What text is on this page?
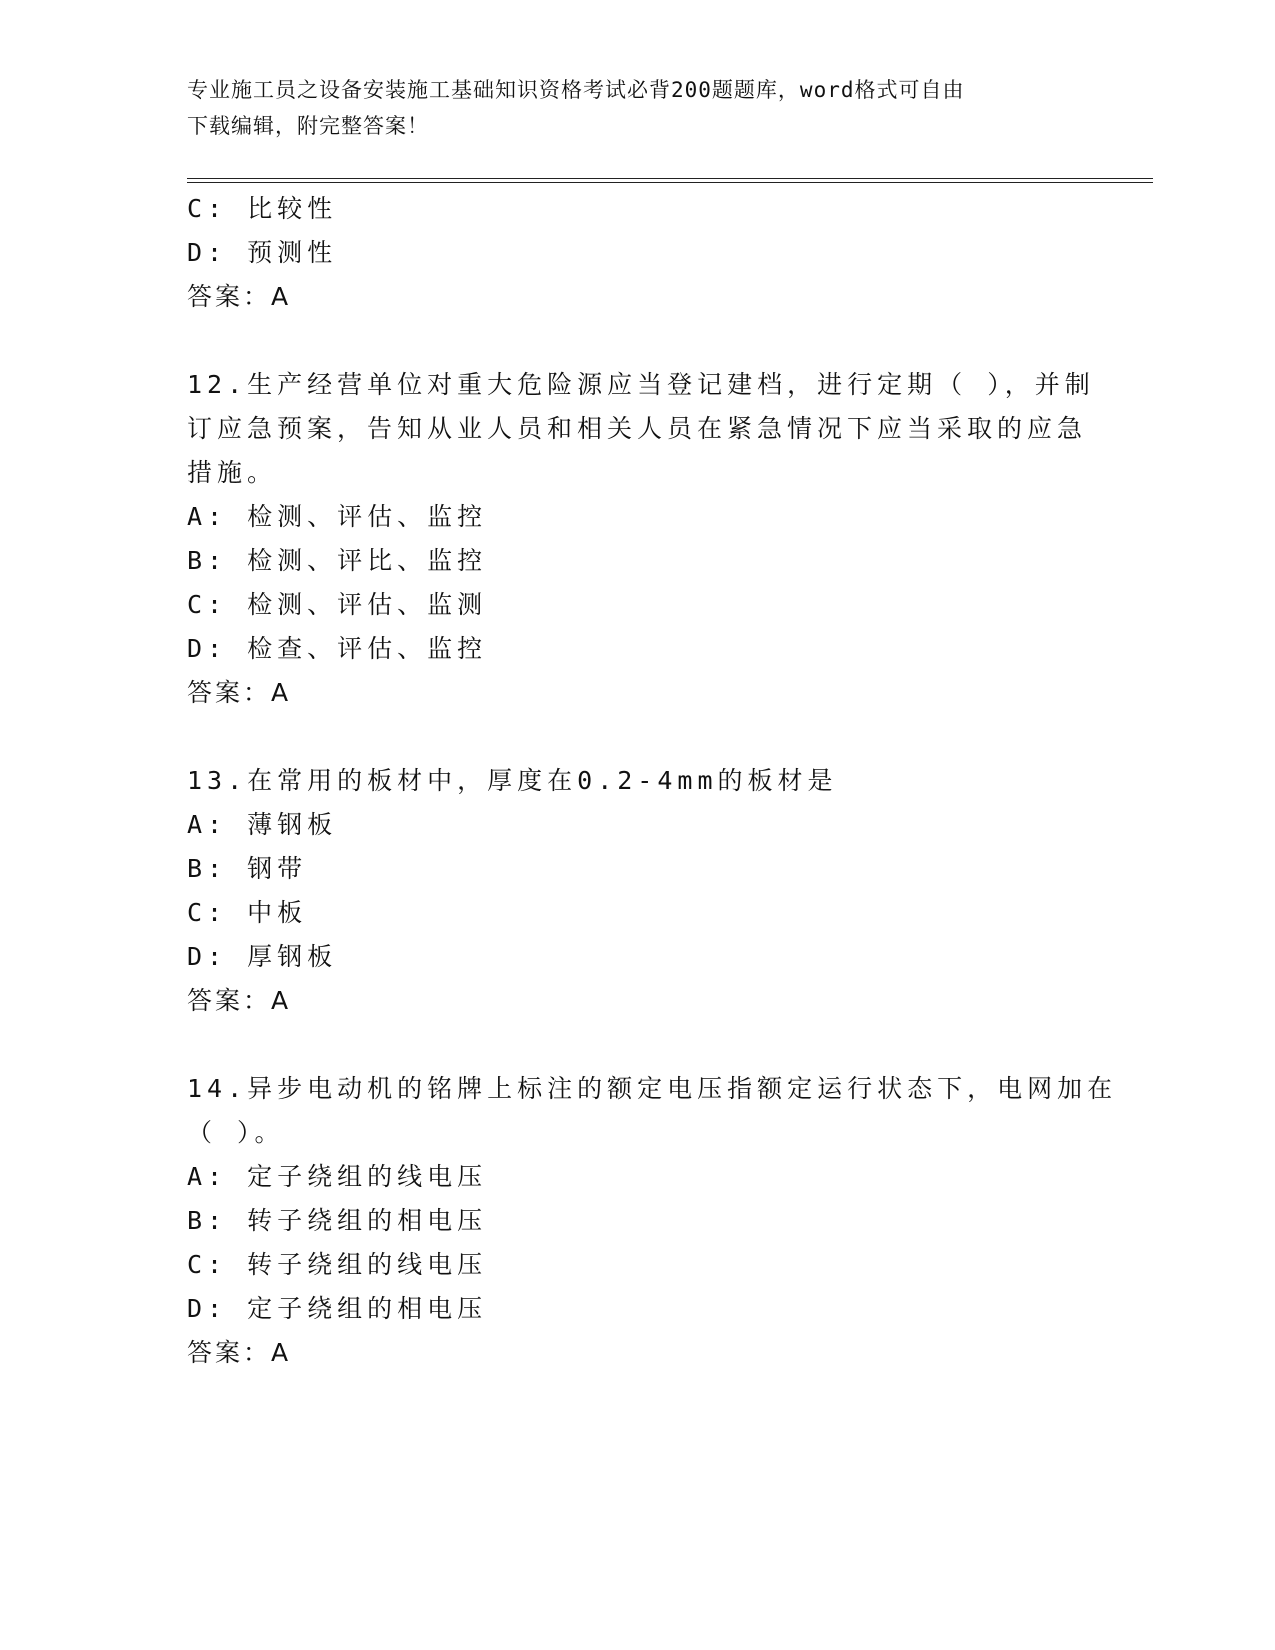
专业施工员之设备安装施工基础知识资格考试必背200题题库，word格式可自由
下载编辑，附完整答案！
C: 比较性
D: 预测性
答案：A
12.生产经营单位对重大危险源应当登记建档，进行定期（ ），并制
订应急预案，告知从业人员和相关人员在紧急情况下应当采取的应急
措施。
A: 检测、评估、监控
B: 检测、评比、监控
C: 检测、评估、监测
D: 检查、评估、监控
答案：A
13.在常用的板材中，厚度在0.2-4mm的板材是
A: 薄钢板
B: 钢带
C: 中板
D: 厚钢板
答案：A
14.异步电动机的铭牌上标注的额定电压指额定运行状态下，电网加在
（ ）。
A: 定子绕组的线电压
B: 转子绕组的相电压
C: 转子绕组的线电压
D: 定子绕组的相电压
答案：A
